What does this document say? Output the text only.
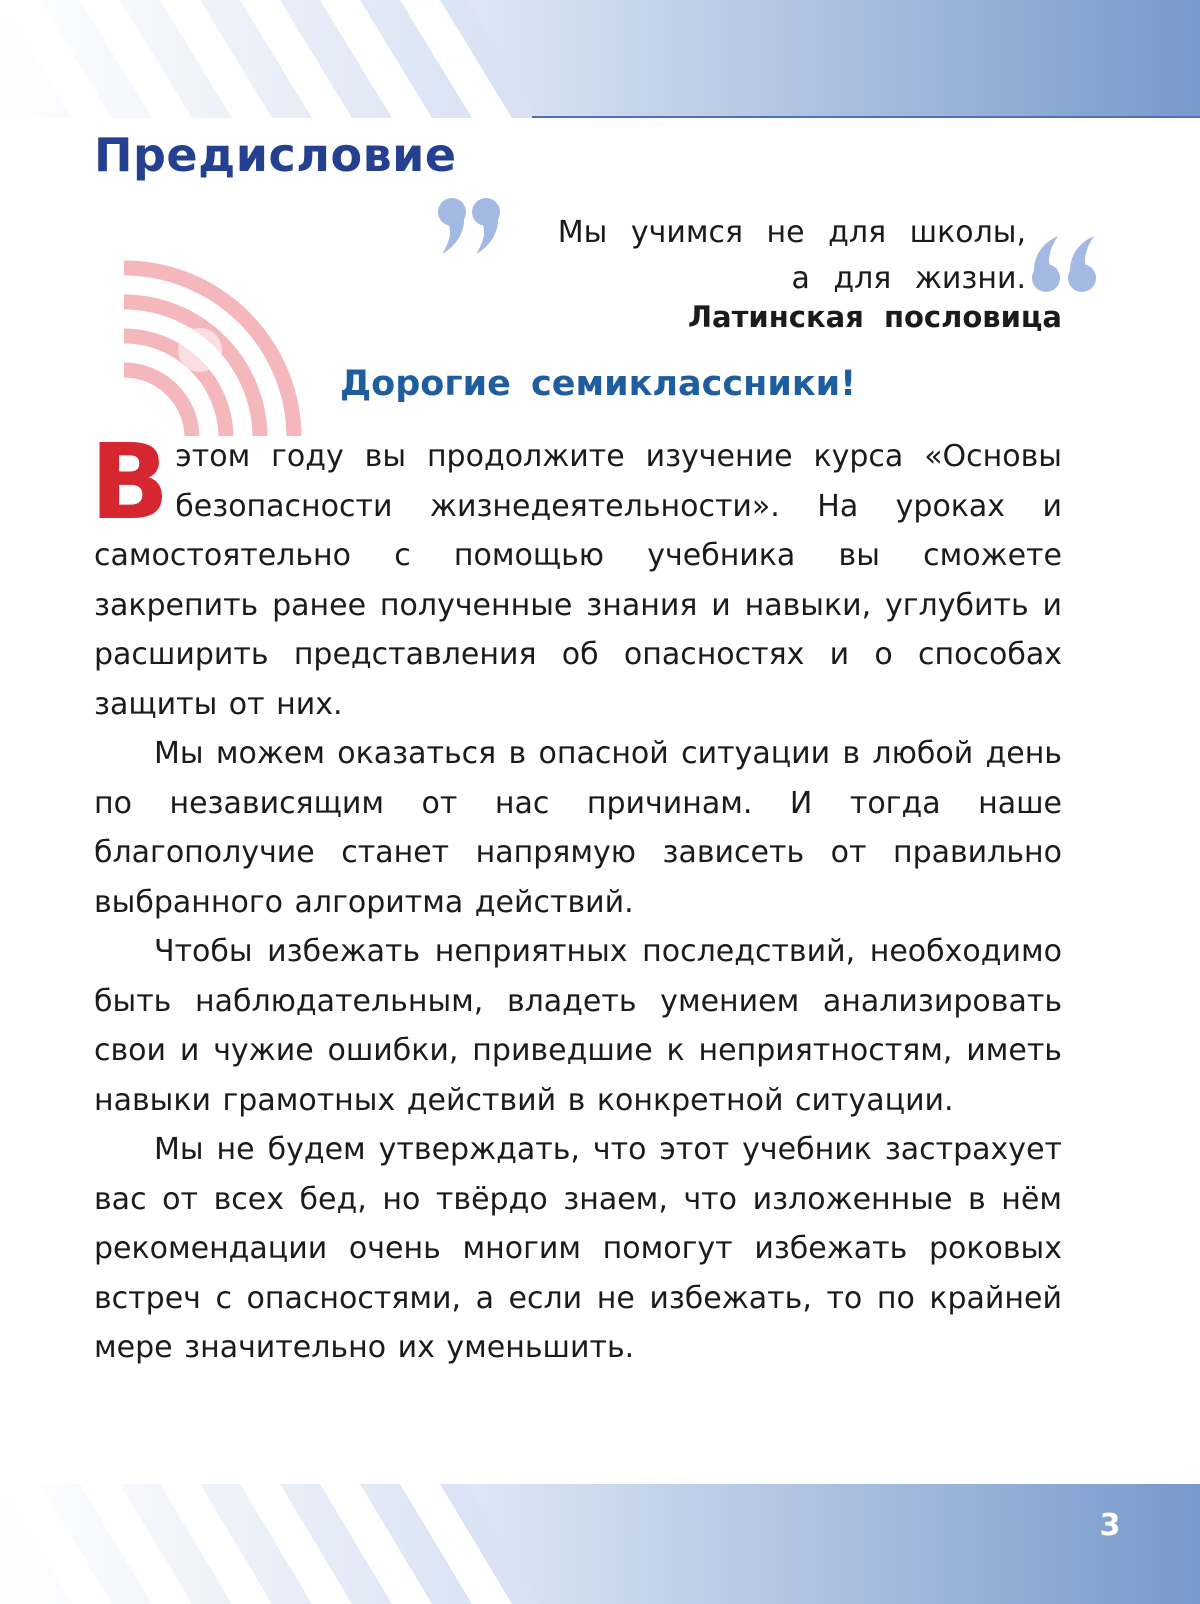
Предисловие
Мы учимся не для школы,
а для жизни.
Латинская пословица
Дорогие семиклассники!

Вэтом году вы продолжите изучение курса «Основы безопасности жизнедеятельности». На уроках и самостоятельно с помощью учебника вы сможете закрепить ранее полученные знания и навыки, углубить и расширить представления об опасностях и о способах защиты от них.

Мы можем оказаться в опасной ситуации в любой день по независящим от нас причинам. И тогда наше благополучие станет напрямую зависеть от правильно выбранного алгоритма действий.

Чтобы избежать неприятных последствий, необходимо быть наблюдательным, владеть умением анализировать свои и чужие ошибки, приведшие к неприятностям, иметь навыки грамотных действий в конкретной ситуации.

Мы не будем утверждать, что этот учебник застрахует вас от всех бед, но твёрдо знаем, что изложенные в нём рекомендации очень многим помогут избежать роковых встреч с опасностями, а если не избежать, то по крайней мере значительно их уменьшить.

3
